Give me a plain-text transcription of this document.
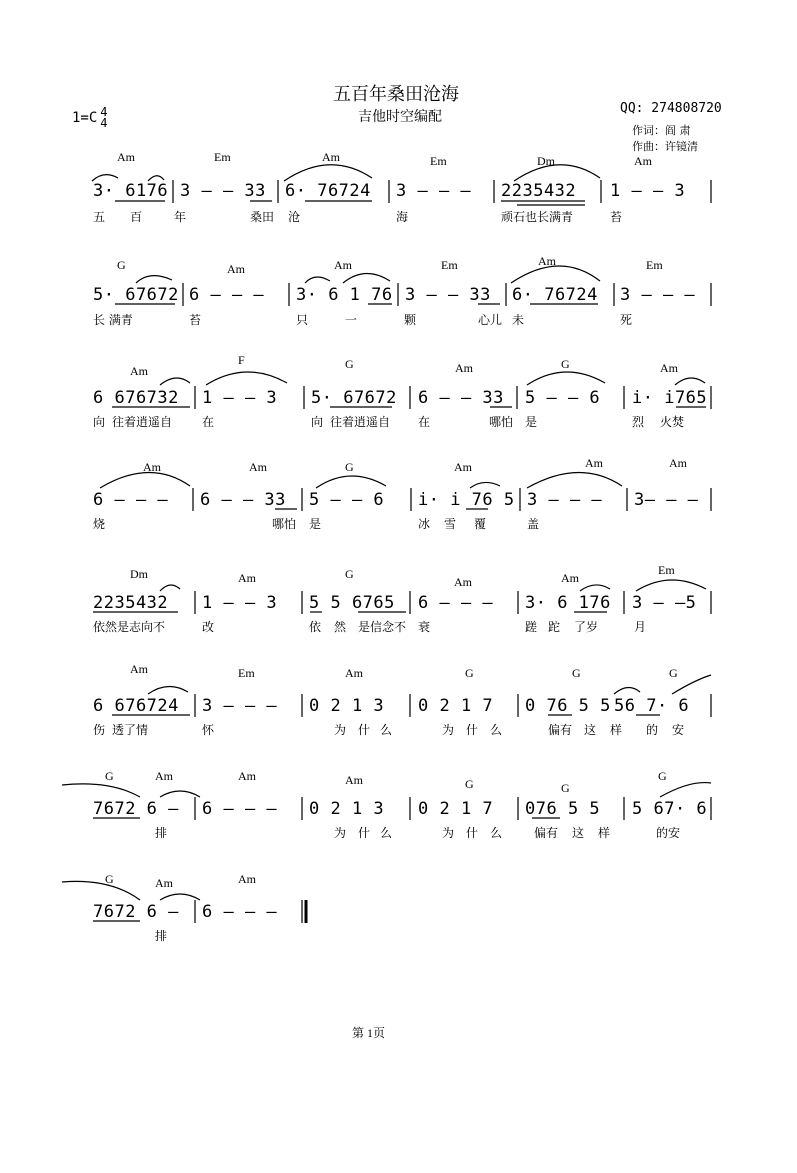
五百年桑田沧海
吉他时空编配
1=C 4
4
QQ: 274808720
作词：阎 肃
作曲：许镜清
Am	Em	Am	Em	Dm	Am
3· 6176 3 — — 33 6· 76724 3 — — — 2235432 1 — — 3
五 百	年	桑田 沧	海	顽石也长满青	苔
G	Am	Am	Em	Am	Em
5· 67672 6 — — — 3· 6 1 76 3 — — 33 6· 76724 3 — — —
长 满青	苔	只	一	颗	心儿 未	死
Am
F	G	Am	G	Am
6 676732 1 — — 3 5· 67672 6 — — 33 5 — — 6 i· i765
向 往着逍遥自 在	向 往着逍遥自 在	哪怕 是	烈 火焚
Am	Am	G	Am	Am	Am
6 — — — 6 — — 33 5 — — 6 i· i 76 5 3 — — — 3— — —
烧	哪怕 是	冰 雪 覆	盖
Dm	Am	G
Am	Am
Em
2235432 1 — — 3 5 5 6765 6 — — — 3· 6 176 3 — —5
依然是志向不	改	依 然 是信念不 衰	蹉 跎 了岁	月
Am	Em	Am	G	G	G
6 676724 3 — — — 0 2 1 3 0 2 1 7 0 76 5 5 56 7· 6
伤 透了情	怀	为 什 么	为 什 么	偏有 这 样 的 安
G	Am	Am	Am	G	G
G
7672 6 — 6 — — — 0 2 1 3 0 2 1 7 076 5 5 5 67· 6
排	为 什 么	为 什 么	偏有 这 样	的安
G	Am	Am
7672 6 — 6 — — —
排
第 1页
